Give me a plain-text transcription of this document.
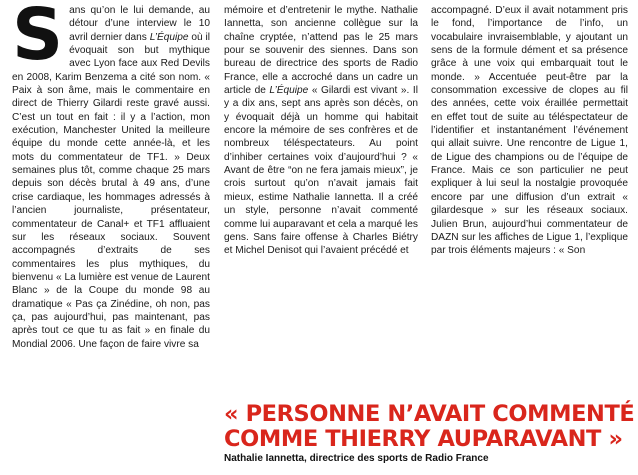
Sans qu’on le lui demande, au détour d’une interview le 10 avril dernier dans L’Équipe où il évoquait son but mythique avec Lyon face aux Red Devils en 2008, Karim Benzema a cité son nom. « Paix à son âme, mais le commentaire en direct de Thierry Gilardi reste gravé aussi. C’est un tout en fait : il y a l’action, mon exécution, Manchester United la meilleure équipe du monde cette année-là, et les mots du commentateur de TF1. » Deux semaines plus tôt, comme chaque 25 mars depuis son décès brutal à 49 ans, d’une crise cardiaque, les hommages adressés à l’ancien journaliste, présentateur, commentateur de Canal+ et TF1 affluaient sur les réseaux sociaux. Souvent accompagnés d’extraits de ses commentaires les plus mythiques, du bienvenu « La lumière est venue de Laurent Blanc » de la Coupe du monde 98 au dramatique « Pas ça Zinédine, oh non, pas ça, pas aujourd’hui, pas maintenant, pas après tout ce que tu as fait » en finale du Mondial 2006. Une façon de faire vivre sa

mémoire et d’entretenir le mythe. Nathalie Iannetta, son ancienne collègue sur la chaîne cryptée, n’attend pas le 25 mars pour se souvenir des siennes. Dans son bureau de directrice des sports de Radio France, elle a accroché dans un cadre un article de L’Équipe « Gilardi est vivant ». Il y a dix ans, sept ans après son décès, on y évoquait déjà un homme qui habitait encore la mémoire de ses confrères et de nombreux téléspectateurs. Au point d’inhiber certaines voix d’aujourd’hui ? « Avant de être “on ne fera jamais mieux”, je crois surtout qu’on n’avait jamais fait mieux, estime Nathalie Iannetta. Il a créé un style, personne n’avait commenté comme lui auparavant et cela a marqué les gens. Sans faire offense à Charles Biétry et Michel Denisot qui l’avaient précédé et

accompagné. D’eux il avait notamment pris le fond, l’importance de l’info, un vocabulaire invraisemblable, y ajoutant un sens de la formule dément et sa présence grâce à une voix qui embarquait tout le monde. » Accentuée peut-être par la consommation excessive de clopes au fil des années, cette voix éraillée permettait en effet tout de suite au téléspectateur de l’identifier et instantanément l’événement qui allait suivre. Une rencontre de Ligue 1, de Ligue des champions ou de l’équipe de France. Mais ce son particulier ne peut expliquer à lui seul la nostalgie provoquée encore par une diffusion d’un extrait « gilardesque » sur les réseaux sociaux. Julien Brun, aujourd’hui commentateur de DAZN sur les affiches de Ligue 1, l’explique par trois éléments majeurs : « Son

« PERSONNE N’AVAIT COMMENTÉ
COMME THIERRY AUPARAVANT »
Nathalie Iannetta, directrice des sports de Radio France
